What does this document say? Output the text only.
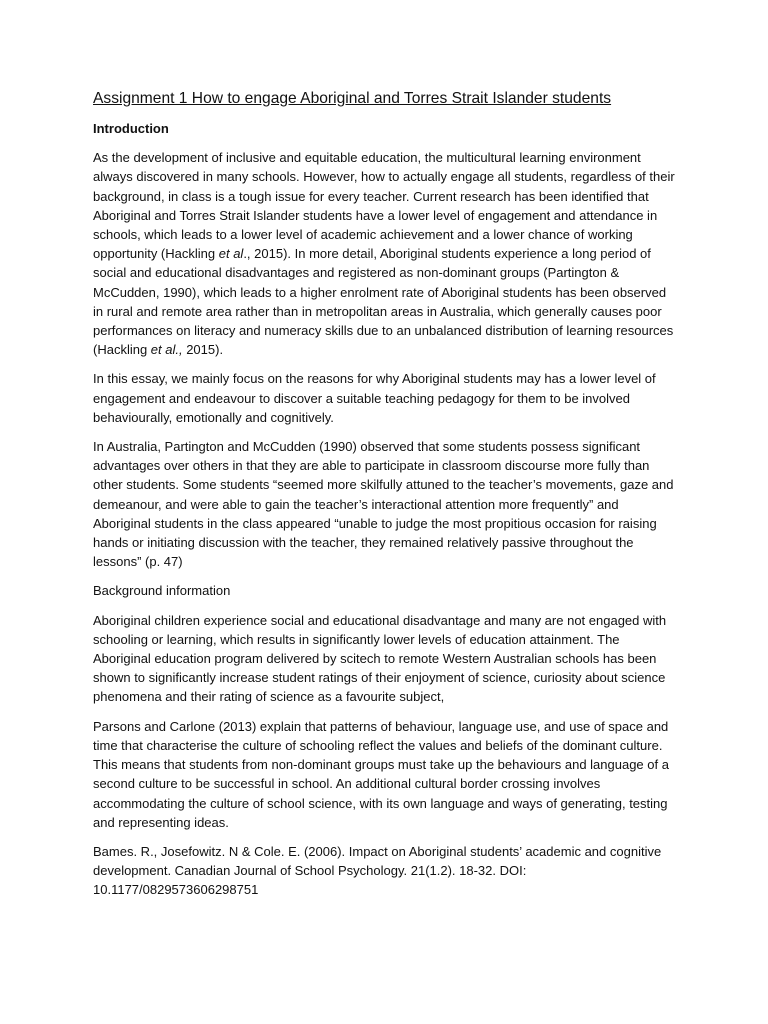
Assignment 1 How to engage Aboriginal and Torres Strait Islander students
Introduction

As the development of inclusive and equitable education, the multicultural learning environment always discovered in many schools. However, how to actually engage all students, regardless of their background, in class is a tough issue for every teacher. Current research has been identified that Aboriginal and Torres Strait Islander students have a lower level of engagement and attendance in schools, which leads to a lower level of academic achievement and a lower chance of working opportunity (Hackling et al., 2015). In more detail, Aboriginal students experience a long period of social and educational disadvantages and registered as non-dominant groups (Partington & McCudden, 1990), which leads to a higher enrolment rate of Aboriginal students has been observed in rural and remote area rather than in metropolitan areas in Australia, which generally causes poor performances on literacy and numeracy skills due to an unbalanced distribution of learning resources (Hackling et al., 2015).

In this essay, we mainly focus on the reasons for why Aboriginal students may has a lower level of engagement and endeavour to discover a suitable teaching pedagogy for them to be involved behaviourally, emotionally and cognitively.

In Australia, Partington and McCudden (1990) observed that some students possess significant advantages over others in that they are able to participate in classroom discourse more fully than other students. Some students “seemed more skilfully attuned to the teacher’s movements, gaze and demeanour, and were able to gain the teacher’s interactional attention more frequently” and Aboriginal students in the class appeared “unable to judge the most propitious occasion for raising hands or initiating discussion with the teacher, they remained relatively passive throughout the lessons” (p. 47)

Background information

Aboriginal children experience social and educational disadvantage and many are not engaged with schooling or learning, which results in significantly lower levels of education attainment. The Aboriginal education program delivered by scitech to remote Western Australian schools has been shown to significantly increase student ratings of their enjoyment of science, curiosity about science phenomena and their rating of science as a favourite subject,

Parsons and Carlone (2013) explain that patterns of behaviour, language use, and use of space and time that characterise the culture of schooling reflect the values and beliefs of the dominant culture. This means that students from non-dominant groups must take up the behaviours and language of a second culture to be successful in school. An additional cultural border crossing involves accommodating the culture of school science, with its own language and ways of generating, testing and representing ideas.

Bames. R., Josefowitz. N & Cole. E. (2006). Impact on Aboriginal students’ academic and cognitive development. Canadian Journal of School Psychology. 21(1.2). 18-32. DOI: 10.1177/0829573606298751
